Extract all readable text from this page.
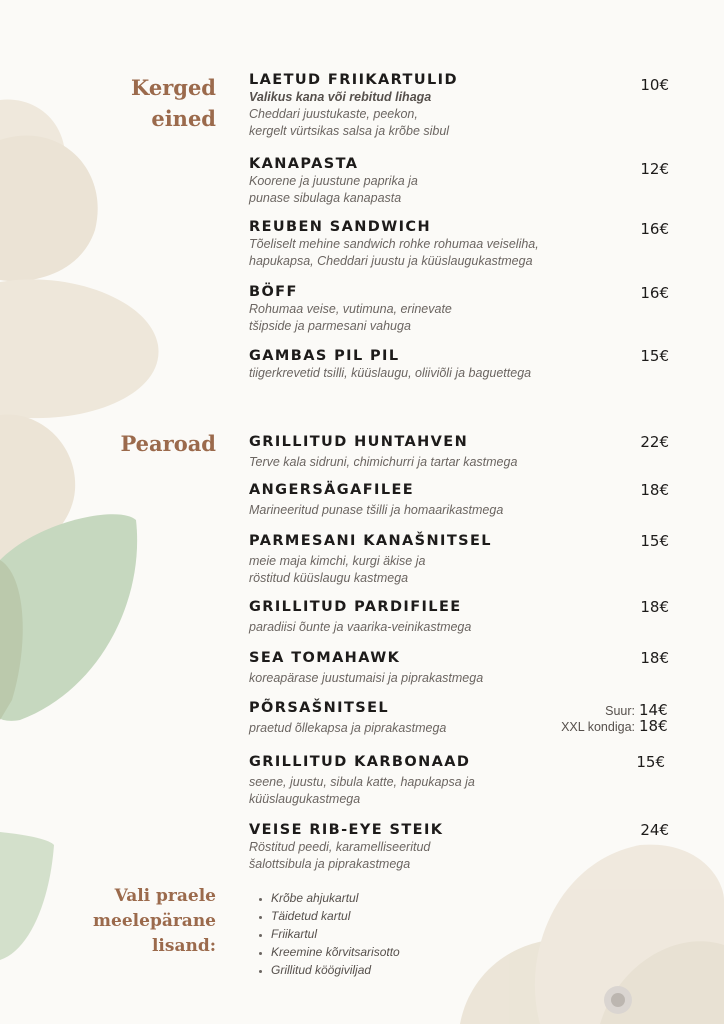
Kerged
eined
LAETUD FRIIKARTULID
Valikus kana või rebitud lihaga
Cheddari juustukaste, peekon,
kergelt vürtsikas salsa ja krõbe sibul
10€
KANAPASTA
Koorene ja juustune paprika ja
punase sibulaga kanapasta
12€
REUBEN SANDWICH
Tõeliselt mehine sandwich rohke rohumaa veiseliha,
hapukapsa, Cheddari juustu ja küüslaugukastmega
16€
BÖFF
Rohumaa veise, vutimuna, erinevate
tšipside ja parmesani vahuga
16€
GAMBAS PIL PIL
tiigerkrevetid tsilli, küüslaugu, oliiviõli ja baguettega
15€
Pearoad GRILLITUD HUNTAHVEN
Terve kala sidruni, chimichurri ja tartar kastmega
22€
ANGERSÄGAFILEE
Marineeritud punase tšilli ja homaarikastmega
18€
PARMESANI KANAŠNITSEL
meie maja kimchi, kurgi äkise ja
röstitud küüslaugu kastmega
15€
GRILLITUD PARDIFILEE
paradiisi õunte ja vaarika-veinikastmega
18€
SEA TOMAHAWK
koreapärase juustumaisi ja piprakastmega
18€
PÕRSAŠNITSEL
praetud õllekapsa ja piprakastmega
Suur: 14€
XXL kondiga: 18€
GRILLITUD KARBONAAD
seene, juustu, sibula katte, hapukapsa ja
küüslaugukastmega
15€
VEISE RIB-EYE STEIK
Röstitud peedi, karamelliseeritud
šalottsibula ja piprakastmega
24€
Vali praele
meelepärane
lisand:
• Krõbe ahjukartul
• Täidetud kartul
• Friikartul
• Kreemine kõrvitsarisotto
• Grillitud köögiviljad
